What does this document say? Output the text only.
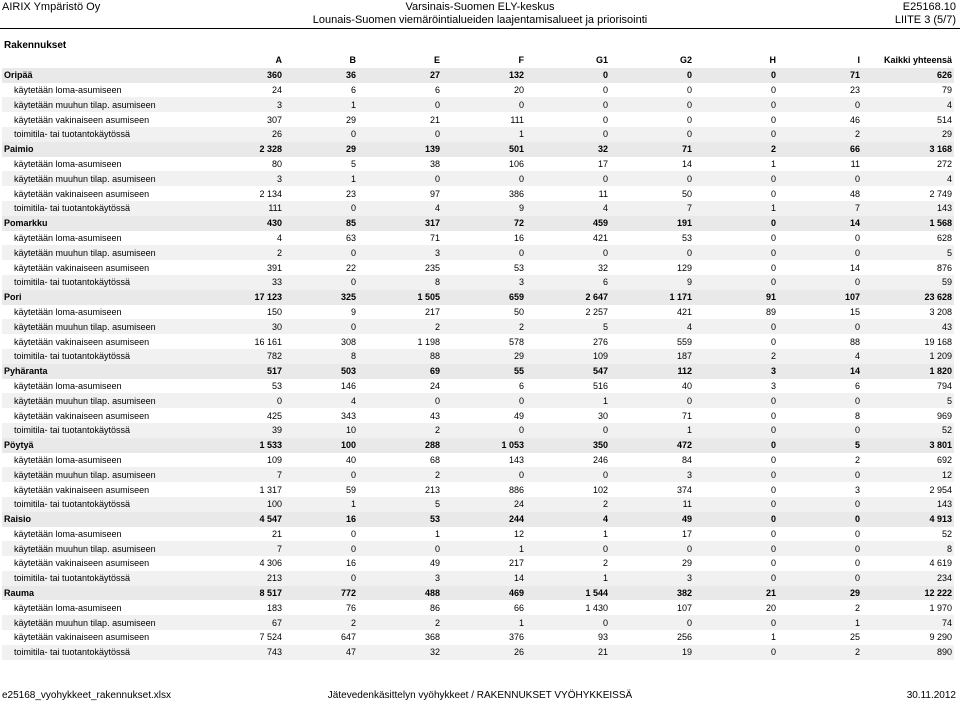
AIRIX Ympäristö Oy	Varsinais-Suomen ELY-keskus	E25168.10
Lounais-Suomen viemäröintialueiden laajentamisalueet ja priorisointi	LIITE 3 (5/7)
Rakennukset
	A	B	E	F	G1	G2	H	I	Kaikki yhteensä
Oripää	360	36	27	132	0	0	0	71	626
käytetään loma-asumiseen	24	6	6	20	0	0	0	23	79
käytetään muuhun tilap. asumiseen	3	1	0	0	0	0	0	0	4
käytetään vakinaiseen asumiseen	307	29	21	111	0	0	0	46	514
toimitila- tai tuotantokäytössä	26	0	0	1	0	0	0	2	29
Paimio	2 328	29	139	501	32	71	2	66	3 168
käytetään loma-asumiseen	80	5	38	106	17	14	1	11	272
käytetään muuhun tilap. asumiseen	3	1	0	0	0	0	0	0	4
käytetään vakinaiseen asumiseen	2 134	23	97	386	11	50	0	48	2 749
toimitila- tai tuotantokäytössä	111	0	4	9	4	7	1	7	143
Pomarkku	430	85	317	72	459	191	0	14	1 568
käytetään loma-asumiseen	4	63	71	16	421	53	0	0	628
käytetään muuhun tilap. asumiseen	2	0	3	0	0	0	0	0	5
käytetään vakinaiseen asumiseen	391	22	235	53	32	129	0	14	876
toimitila- tai tuotantokäytössä	33	0	8	3	6	9	0	0	59
Pori	17 123	325	1 505	659	2 647	1 171	91	107	23 628
käytetään loma-asumiseen	150	9	217	50	2 257	421	89	15	3 208
käytetään muuhun tilap. asumiseen	30	0	2	2	5	4	0	0	43
käytetään vakinaiseen asumiseen	16 161	308	1 198	578	276	559	0	88	19 168
toimitila- tai tuotantokäytössä	782	8	88	29	109	187	2	4	1 209
Pyhäranta	517	503	69	55	547	112	3	14	1 820
käytetään loma-asumiseen	53	146	24	6	516	40	3	6	794
käytetään muuhun tilap. asumiseen	0	4	0	0	1	0	0	0	5
käytetään vakinaiseen asumiseen	425	343	43	49	30	71	0	8	969
toimitila- tai tuotantokäytössä	39	10	2	0	0	1	0	0	52
Pöytyä	1 533	100	288	1 053	350	472	0	5	3 801
käytetään loma-asumiseen	109	40	68	143	246	84	0	2	692
käytetään muuhun tilap. asumiseen	7	0	2	0	0	3	0	0	12
käytetään vakinaiseen asumiseen	1 317	59	213	886	102	374	0	3	2 954
toimitila- tai tuotantokäytössä	100	1	5	24	2	11	0	0	143
Raisio	4 547	16	53	244	4	49	0	0	4 913
käytetään loma-asumiseen	21	0	1	12	1	17	0	0	52
käytetään muuhun tilap. asumiseen	7	0	0	1	0	0	0	0	8
käytetään vakinaiseen asumiseen	4 306	16	49	217	2	29	0	0	4 619
toimitila- tai tuotantokäytössä	213	0	3	14	1	3	0	0	234
Rauma	8 517	772	488	469	1 544	382	21	29	12 222
käytetään loma-asumiseen	183	76	86	66	1 430	107	20	2	1 970
käytetään muuhun tilap. asumiseen	67	2	2	1	0	0	0	1	74
käytetään vakinaiseen asumiseen	7 524	647	368	376	93	256	1	25	9 290
toimitila- tai tuotantokäytössä	743	47	32	26	21	19	0	2	890
e25168_vyohykkeet_rakennukset.xlsx	Jätevedenkäsittelyn vyöhykkeet / RAKENNUKSET VYÖHYKKEISSÄ	30.11.2012
